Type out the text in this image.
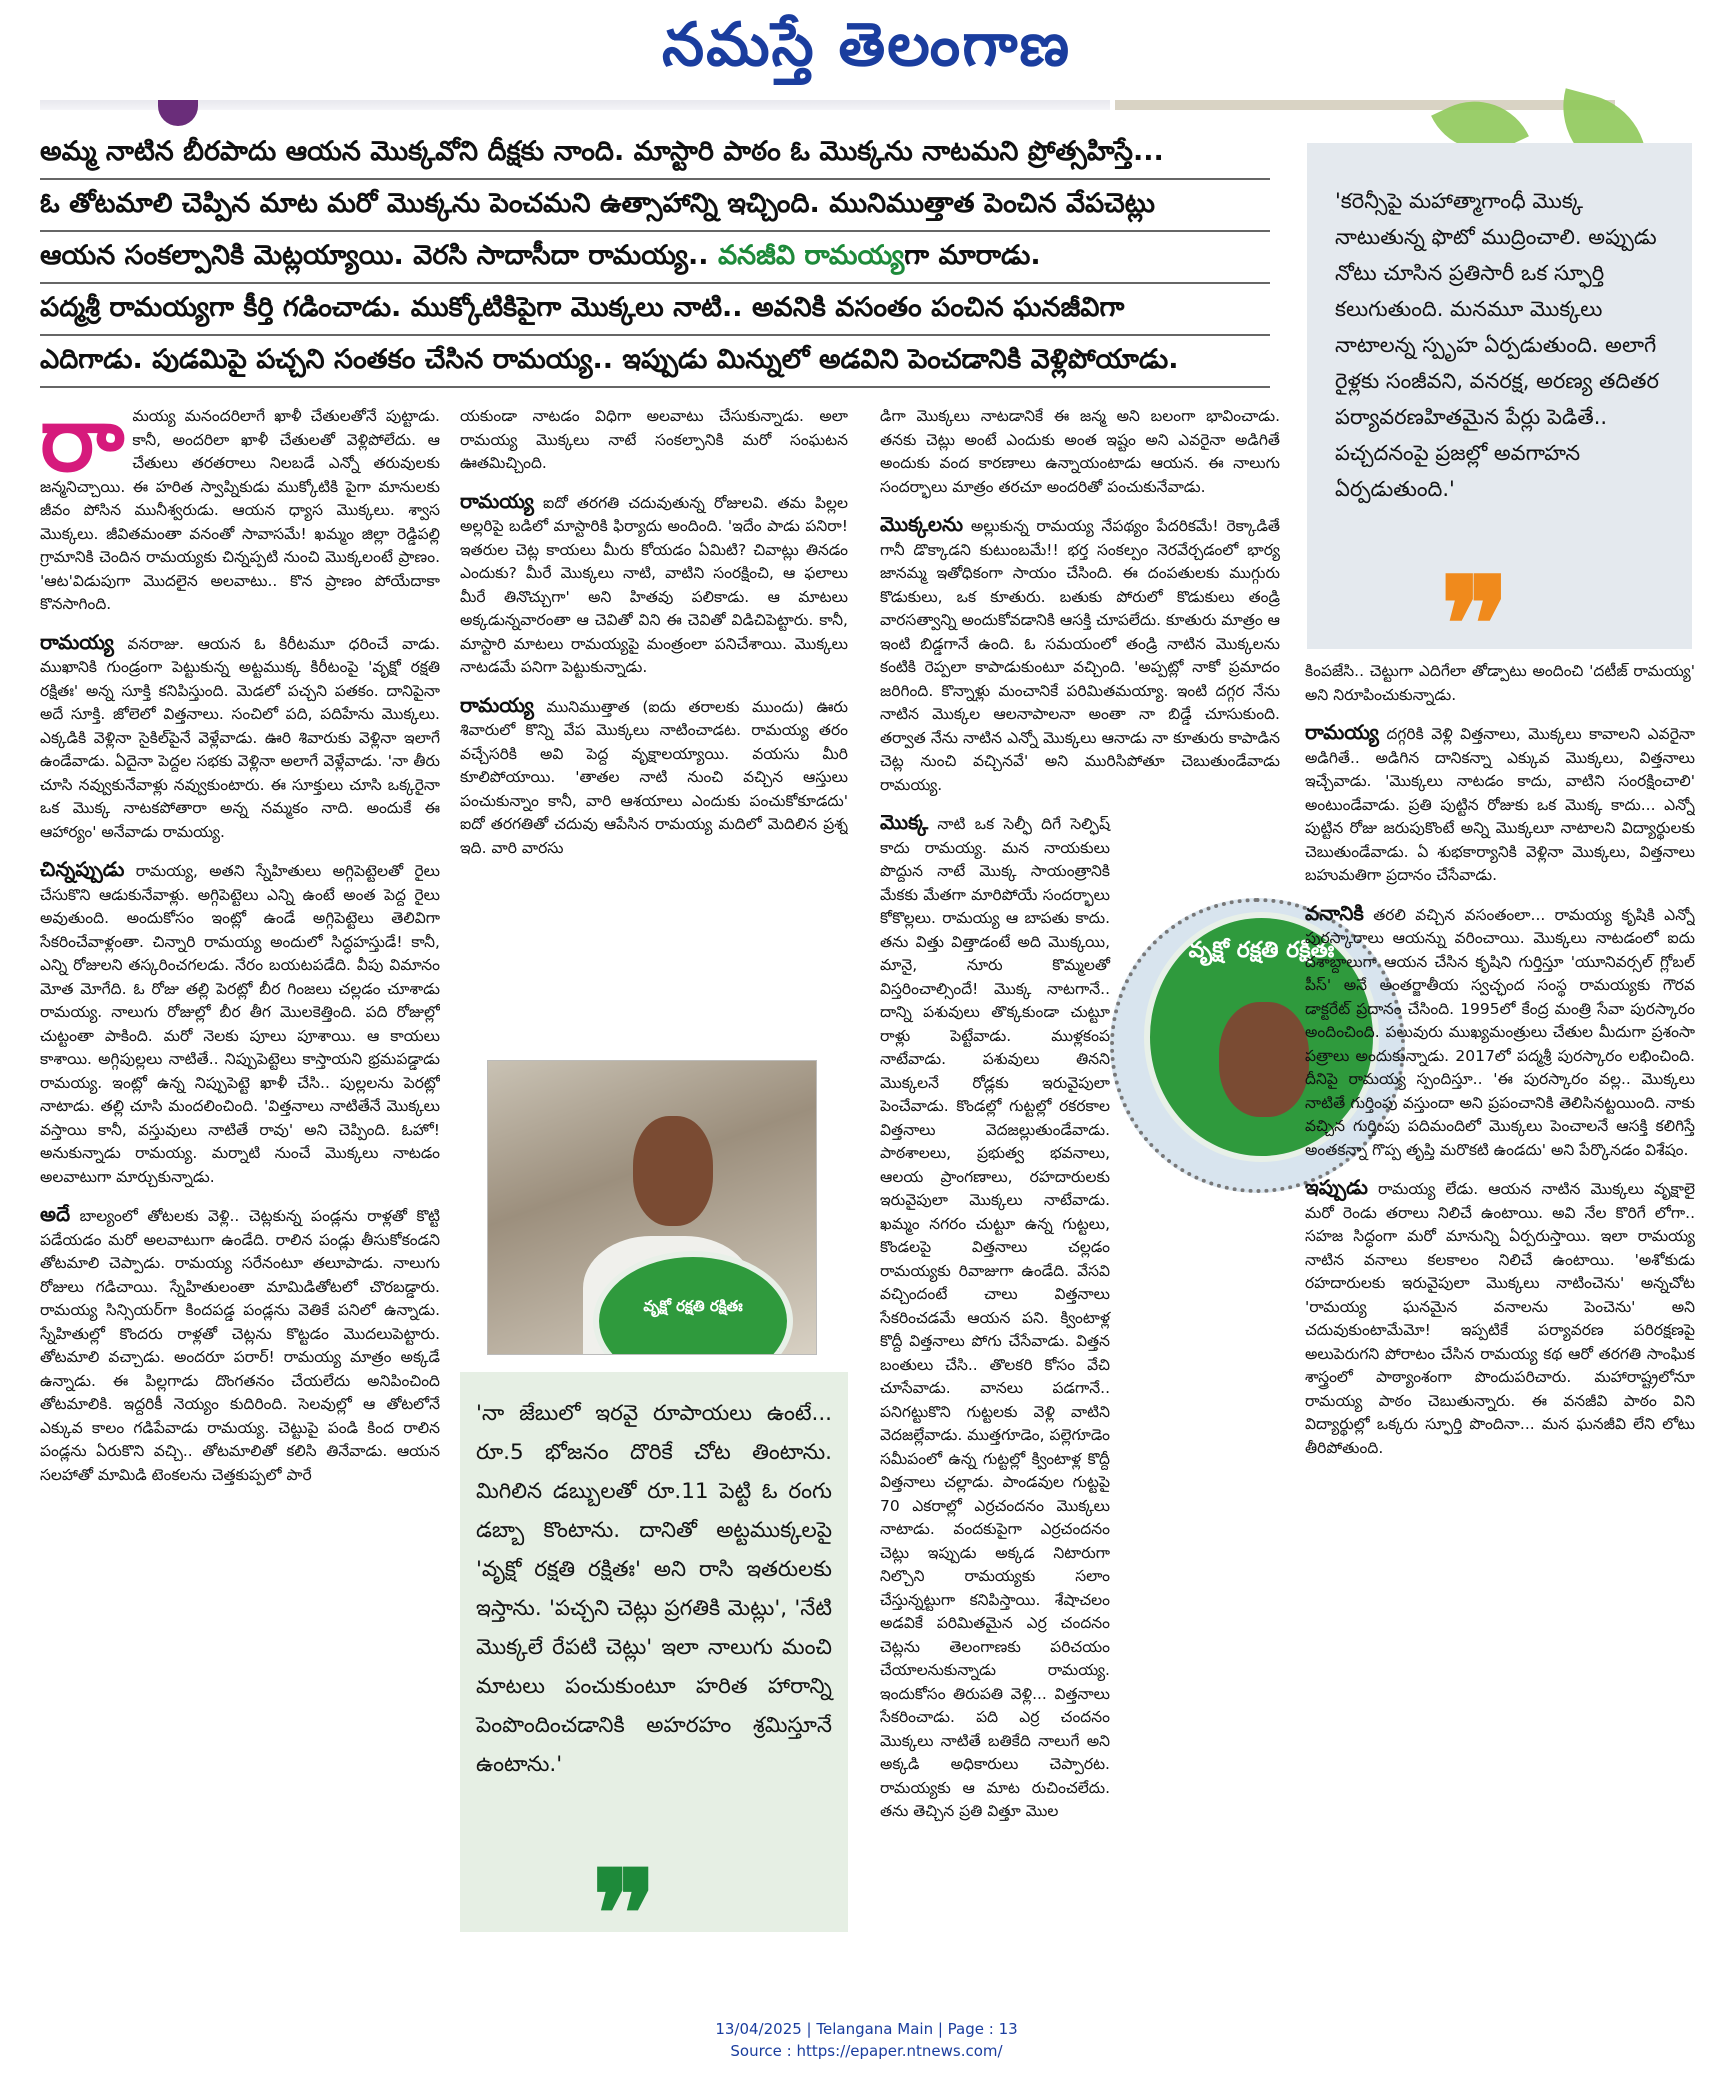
నమస్తే తెలంగాణ
అమ్మ నాటిన బీరపాదు ఆయన మొక్కవోని దీక్షకు నాంది. మాస్టారి పాఠం ఓ మొక్కను నాటమని ప్రోత్సహిస్తే...
ఓ తోటమాలి చెప్పిన మాట మరో మొక్కను పెంచమని ఉత్సాహాన్ని ఇచ్చింది. మునిముత్తాత పెంచిన వేపచెట్లు
ఆయన సంకల్పానికి మెట్లయ్యాయి. వెరసి సాదాసీదా రామయ్య.. వనజీవి రామయ్యగా మారాడు.
పద్మశ్రీ రామయ్యగా కీర్తి గడించాడు. ముక్కోటికిపైగా మొక్కలు నాటి.. అవనికి వసంతం పంచిన ఘనజీవిగా
ఎదిగాడు. పుడమిపై పచ్చని సంతకం చేసిన రామయ్య.. ఇప్పుడు మిన్నులో అడవిని పెంచడానికి వెళ్లిపోయాడు.

'కరెన్సీపై మహాత్మాగాంధీ మొక్క నాటుతున్న ఫొటో ముద్రించాలి. అప్పుడు నోటు చూసిన ప్రతిసారీ ఒక స్ఫూర్తి కలుగుతుంది. మనమూ మొక్కలు నాటాలన్న స్పృహ ఏర్పడుతుంది. అలాగే రైళ్లకు సంజీవని, వనరక్ష, అరణ్య తదితర పర్యావరణహితమైన పేర్లు పెడితే.. పచ్చదనంపై ప్రజల్లో అవగాహన ఏర్పడుతుంది.'

❞

రామయ్య మనందరిలాగే ఖాళీ చేతులతోనే పుట్టాడు. కానీ, అందరిలా ఖాళీ చేతులతో వెళ్లిపోలేదు. ఆ చేతులు తరతరాలు నిలబడే ఎన్నో తరువులకు జన్మనిచ్చాయి. ఈ హరిత స్వాప్నికుడు ముక్కోటికి పైగా మానులకు జీవం పోసిన మునీశ్వరుడు. ఆయన ధ్యాస మొక్కలు. శ్వాస మొక్కలు. జీవితమంతా వనంతో సావాసమే! ఖమ్మం జిల్లా రెడ్డిపల్లి గ్రామానికి చెందిన రామయ్యకు చిన్నప్పటి నుంచి మొక్కలంటే ప్రాణం. 'ఆట'విడుపుగా మొదలైన అలవాటు.. కొన ప్రాణం పోయేదాకా కొనసాగింది.

రామయ్య వనరాజు. ఆయన ఓ కిరీటమూ ధరించే వాడు. ముఖానికి గుండ్రంగా పెట్టుకున్న అట్టముక్క కిరీటంపై 'వృక్షో రక్షతి రక్షితః' అన్న సూక్తి కనిపిస్తుంది. మెడలో పచ్చని పతకం. దానిపైనా అదే సూక్తి. జోలెలో విత్తనాలు. సంచిలో పది, పదిహేను మొక్కలు. ఎక్కడికి వెళ్లినా సైకిల్‌పైనే వెళ్లేవాడు. ఊరి శివారుకు వెళ్లినా ఇలాగే ఉండేవాడు. ఏదైనా పెద్దల సభకు వెళ్లినా అలాగే వెళ్లేవాడు. 'నా తీరు చూసి నవ్వుకునేవాళ్లు నవ్వుకుంటారు. ఈ సూక్తులు చూసి ఒక్కరైనా ఒక మొక్క నాటకపోతారా అన్న నమ్మకం నాది. అందుకే ఈ ఆహార్యం' అనేవాడు రామయ్య.

చిన్నప్పుడు రామయ్య, అతని స్నేహితులు అగ్గిపెట్టెలతో రైలు చేసుకొని ఆడుకునేవాళ్లు. అగ్గిపెట్టెలు ఎన్ని ఉంటే అంత పెద్ద రైలు అవుతుంది. అందుకోసం ఇంట్లో ఉండే అగ్గిపెట్టెలు తెలివిగా సేకరించేవాళ్లంతా. చిన్నారి రామయ్య అందులో సిద్ధహస్తుడే! కానీ, ఎన్ని రోజులని తస్కరించగలడు. నేరం బయటపడేది. వీపు విమానం మోత మోగేది. ఓ రోజు తల్లి పెరట్లో బీర గింజలు చల్లడం చూశాడు రామయ్య. నాలుగు రోజుల్లో బీర తీగ మొలకెత్తింది. పది రోజుల్లో చుట్టంతా పాకింది. మరో నెలకు పూలు పూశాయి. ఆ కాయలు కాశాయి. అగ్గిపుల్లలు నాటితే.. నిప్పుపెట్టెలు కాస్తాయని భ్రమపడ్డాడు రామయ్య. ఇంట్లో ఉన్న నిప్పుపెట్టె ఖాళీ చేసి.. పుల్లలను పెరట్లో నాటాడు. తల్లి చూసి మందలించింది. 'విత్తనాలు నాటితేనే మొక్కలు వస్తాయి కానీ, వస్తువులు నాటితే రావు' అని చెప్పింది. ఓహో! అనుకున్నాడు రామయ్య. మర్నాటి నుంచే మొక్కలు నాటడం అలవాటుగా మార్చుకున్నాడు.

అదే బాల్యంలో తోటలకు వెళ్లి.. చెట్లకున్న పండ్లను రాళ్లతో కొట్టి పడేయడం మరో అలవాటుగా ఉండేది. రాలిన పండ్లు తీసుకోకండని తోటమాలి చెప్పాడు. రామయ్య సరేనంటూ తలూపాడు. నాలుగు రోజులు గడిచాయి. స్నేహితులంతా మామిడితోటలో చొరబడ్డారు. రామయ్య సిన్సియర్‌గా కిందపడ్డ పండ్లను వెతికే పనిలో ఉన్నాడు. స్నేహితుల్లో కొందరు రాళ్లతో చెట్లను కొట్టడం మొదలుపెట్టారు. తోటమాలి వచ్చాడు. అందరూ పరార్! రామయ్య మాత్రం అక్కడే ఉన్నాడు. ఈ పిల్లగాడు దొంగతనం చేయలేదు అనిపించింది తోటమాలికి. ఇద్దరికీ నెయ్యం కుదిరింది. సెలవుల్లో ఆ తోటలోనే ఎక్కువ కాలం గడిపేవాడు రామయ్య. చెట్టుపై పండి కింద రాలిన పండ్లను ఏరుకొని వచ్చి.. తోటమాలితో కలిసి తినేవాడు. ఆయన సలహాతో మామిడి టెంకలను చెత్తకుప్పలో పారే

యకుండా నాటడం విధిగా అలవాటు చేసుకున్నాడు. అలా రామయ్య మొక్కలు నాటే సంకల్పానికి మరో సంఘటన ఊతమిచ్చింది.

రామయ్య ఐదో తరగతి చదువుతున్న రోజులవి. తమ పిల్లల అల్లరిపై బడిలో మాస్టారికి ఫిర్యాదు అందింది. 'ఇదేం పాడు పనిరా! ఇతరుల చెట్ల కాయలు మీరు కోయడం ఏమిటి? చివాట్లు తినడం ఎందుకు? మీరే మొక్కలు నాటి, వాటిని సంరక్షించి, ఆ ఫలాలు మీరే తినొచ్చుగా' అని హితవు పలికాడు. ఆ మాటలు అక్కడున్నవారంతా ఆ చెవితో విని ఈ చెవితో విడిచిపెట్టారు. కానీ, మాస్టారి మాటలు రామయ్యపై మంత్రంలా పనిచేశాయి. మొక్కలు నాటడమే పనిగా పెట్టుకున్నాడు.

రామయ్య మునిముత్తాత (ఐదు తరాలకు ముందు) ఊరు శివారులో కొన్ని వేప మొక్కలు నాటించాడట. రామయ్య తరం వచ్చేసరికి అవి పెద్ద వృక్షాలయ్యాయి. వయసు మీరి కూలిపోయాయి. 'తాతల నాటి నుంచి వచ్చిన ఆస్తులు పంచుకున్నాం కానీ, వారి ఆశయాలు ఎందుకు పంచుకోకూడదు' ఐదో తరగతితో చదువు ఆపేసిన రామయ్య మదిలో మెదిలిన ప్రశ్న ఇది. వారి వారసు

వృక్షో రక్షతి రక్షితః

'నా జేబులో ఇరవై రూపాయలు ఉంటే... రూ.5 భోజనం దొరికే చోట తింటాను. మిగిలిన డబ్బులతో రూ.11 పెట్టి ఓ రంగు డబ్బా కొంటాను. దానితో అట్టముక్కలపై 'వృక్షో రక్షతి రక్షితః' అని రాసి ఇతరులకు ఇస్తాను. 'పచ్చని చెట్లు ప్రగతికి మెట్లు', 'నేటి మొక్కలే రేపటి చెట్లు' ఇలా నాలుగు మంచి మాటలు పంచుకుంటూ హరిత హారాన్ని పెంపొందించడానికి అహరహం శ్రమిస్తూనే ఉంటాను.'

❞

డిగా మొక్కలు నాటడానికే ఈ జన్మ అని బలంగా భావించాడు. తనకు చెట్లు అంటే ఎందుకు అంత ఇష్టం అని ఎవరైనా అడిగితే అందుకు వంద కారణాలు ఉన్నాయంటాడు ఆయన. ఈ నాలుగు సందర్భాలు మాత్రం తరచూ అందరితో పంచుకునేవాడు.

మొక్కలను అల్లుకున్న రామయ్య నేపథ్యం పేదరికమే! రెక్కాడితే గానీ డొక్కాడని కుటుంబమే!! భర్త సంకల్పం నెరవేర్చడంలో భార్య జానమ్మ ఇతోధికంగా సాయం చేసింది. ఈ దంపతులకు ముగ్గురు కొడుకులు, ఒక కూతురు. బతుకు పోరులో కొడుకులు తండ్రి వారసత్వాన్ని అందుకోవడానికి ఆసక్తి చూపలేదు. కూతురు మాత్రం ఆ ఇంటి బిడ్డగానే ఉంది. ఓ సమయంలో తండ్రి నాటిన మొక్కలను కంటికి రెప్పలా కాపాడుకుంటూ వచ్చింది. 'అప్పట్లో నాకో ప్రమాదం జరిగింది. కొన్నాళ్లు మంచానికే పరిమితమయ్యా. ఇంటి దగ్గర నేను నాటిన మొక్కల ఆలనాపాలనా అంతా నా బిడ్డే చూసుకుంది. తర్వాత నేను నాటిన ఎన్నో మొక్కలు ఆనాడు నా కూతురు కాపాడిన చెట్ల నుంచి వచ్చినవే' అని మురిసిపోతూ చెబుతుండేవాడు రామయ్య.

మొక్క నాటి ఒక సెల్ఫీ దిగే సెల్ఫిష్ కాదు రామయ్య. మన నాయకులు పొద్దున నాటే మొక్క సాయంత్రానికి మేకకు మేతగా మారిపోయే సందర్భాలు కోకొల్లలు. రామయ్య ఆ బాపతు కాదు. తను విత్తు విత్తాడంటే అది మొక్కయి, మానై, నూరు కొమ్మలతో విస్తరించాల్సిందే! మొక్క నాటగానే.. దాన్ని పశువులు తొక్కకుండా చుట్టూ రాళ్లు పెట్టేవాడు. ముళ్లకంప నాటేవాడు. పశువులు తినని మొక్కలనే రోడ్లకు ఇరువైపులా పెంచేవాడు. కొండల్లో గుట్టల్లో రకరకాల విత్తనాలు వెదజల్లుతుండేవాడు. పాఠశాలలు, ప్రభుత్వ భవనాలు, ఆలయ ప్రాంగణాలు, రహదారులకు ఇరువైపులా మొక్కలు నాటేవాడు. ఖమ్మం నగరం చుట్టూ ఉన్న గుట్టలు, కొండలపై విత్తనాలు చల్లడం రామయ్యకు రివాజుగా ఉండేది. వేసవి వచ్చిందంటే చాలు విత్తనాలు సేకరించడమే ఆయన పని. క్వింటాళ్ల కొద్దీ విత్తనాలు పోగు చేసేవాడు. విత్తన బంతులు చేసి.. తొలకరి కోసం వేచి చూసేవాడు. వానలు పడగానే.. పనిగట్టుకొని గుట్టలకు వెళ్లి వాటిని వెదజల్లేవాడు. ముత్తగూడెం, పల్లెగూడెం సమీపంలో ఉన్న గుట్టల్లో క్వింటాళ్ల కొద్దీ విత్తనాలు చల్లాడు. పాండవుల గుట్టపై 70 ఎకరాల్లో ఎర్రచందనం మొక్కలు నాటాడు. వందకుపైగా ఎర్రచందనం చెట్లు ఇప్పుడు అక్కడ నిటారుగా నిల్చొని రామయ్యకు సలాం చేస్తున్నట్టుగా కనిపిస్తాయి. శేషాచలం అడవికే పరిమితమైన ఎర్ర చందనం చెట్లను తెలంగాణకు పరిచయం చేయాలనుకున్నాడు రామయ్య. ఇందుకోసం తిరుపతి వెళ్లి... విత్తనాలు సేకరించాడు. పది ఎర్ర చందనం మొక్కలు నాటితే బతికేది నాలుగే అని అక్కడి అధికారులు చెప్పారట. రామయ్యకు ఆ మాట రుచించలేదు. తను తెచ్చిన ప్రతి విత్తూ మొల

వృక్షో రక్షతి రక్షితః

కింపజేసి.. చెట్టుగా ఎదిగేలా తోడ్పాటు అందించి 'దటీజ్ రామయ్య' అని నిరూపించుకున్నాడు.

రామయ్య దగ్గరికి వెళ్లి విత్తనాలు, మొక్కలు కావాలని ఎవరైనా అడిగితే.. అడిగిన దానికన్నా ఎక్కువ మొక్కలు, విత్తనాలు ఇచ్చేవాడు. 'మొక్కలు నాటడం కాదు, వాటిని సంరక్షించాలి' అంటుండేవాడు. ప్రతి పుట్టిన రోజుకు ఒక మొక్క కాదు... ఎన్నో పుట్టిన రోజు జరుపుకొంటే అన్ని మొక్కలూ నాటాలని విద్యార్థులకు చెబుతుండేవాడు. ఏ శుభకార్యానికి వెళ్లినా మొక్కలు, విత్తనాలు బహుమతిగా ప్రదానం చేసేవాడు.

వనానికి తరలి వచ్చిన వసంతంలా... రామయ్య కృషికి ఎన్నో పురస్కారాలు ఆయన్ను వరించాయి. మొక్కలు నాటడంలో ఐదు దశాబ్దాలుగా ఆయన చేసిన కృషిని గుర్తిస్తూ 'యూనివర్సల్ గ్లోబల్ పీస్' అనే అంతర్జాతీయ స్వచ్ఛంద సంస్థ రామయ్యకు గౌరవ డాక్టరేట్ ప్రదానం చేసింది. 1995లో కేంద్ర మంత్రి సేవా పురస్కారం అందించింది. పలువురు ముఖ్యమంత్రులు చేతుల మీదుగా ప్రశంసా పత్రాలు అందుకున్నాడు. 2017లో పద్మశ్రీ పురస్కారం లభించింది. దీనిపై రామయ్య స్పందిస్తూ.. 'ఈ పురస్కారం వల్ల.. మొక్కలు నాటితే గుర్తింపు వస్తుందా అని ప్రపంచానికి తెలిసినట్టయింది. నాకు వచ్చిన గుర్తింపు పదిమందిలో మొక్కలు పెంచాలనే ఆసక్తి కలిగిస్తే అంతకన్నా గొప్ప తృప్తి మరొకటి ఉండదు' అని పేర్కొనడం విశేషం.

ఇప్పుడు రామయ్య లేడు. ఆయన నాటిన మొక్కలు వృక్షాలై మరో రెండు తరాలు నిలిచే ఉంటాయి. అవి నేల కొరిగే లోగా.. సహజ సిద్ధంగా మరో మానున్ని ఏర్పరుస్తాయి. ఇలా రామయ్య నాటిన వనాలు కలకాలం నిలిచే ఉంటాయి. 'అశోకుడు రహదారులకు ఇరువైపులా మొక్కలు నాటించెను' అన్నచోట 'రామయ్య ఘనమైన వనాలను పెంచెను' అని చదువుకుంటామేమో! ఇప్పటికే పర్యావరణ పరిరక్షణపై అలుపెరుగని పోరాటం చేసిన రామయ్య కథ ఆరో తరగతి సాంఘిక శాస్త్రంలో పాఠ్యాంశంగా పొందుపరిచారు. మహారాష్ట్రలోనూ రామయ్య పాఠం చెబుతున్నారు. ఈ వనజీవి పాఠం విని విద్యార్థుల్లో ఒక్కరు స్ఫూర్తి పొందినా... మన ఘనజీవి లేని లోటు తీరిపోతుంది.

13/04/2025 | Telangana Main | Page : 13
Source : https://epaper.ntnews.com/
